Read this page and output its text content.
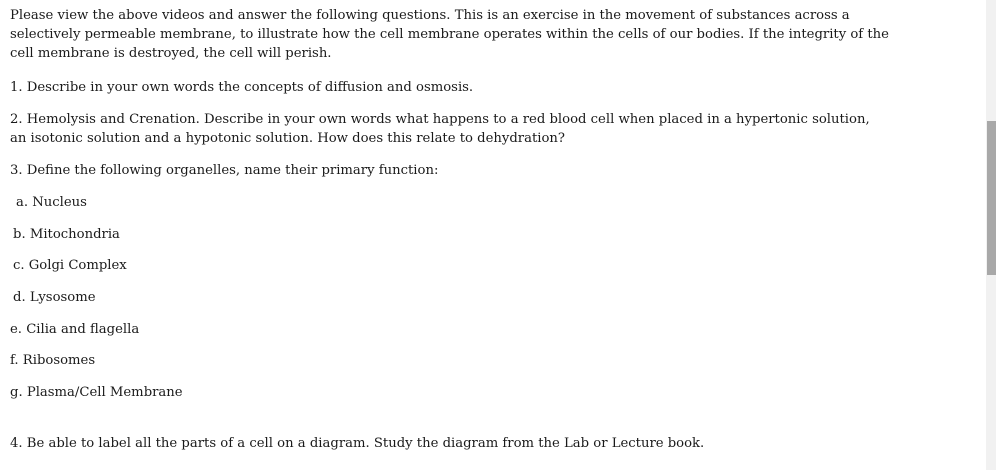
Please view the above videos and answer the following questions. This is an exercise in the movement of substances across a selectively permeable membrane, to illustrate how the cell membrane operates within the cells of our bodies. If the integrity of the cell membrane is destroyed, the cell will perish.

1. Describe in your own words the concepts of diffusion and osmosis.

2. Hemolysis and Crenation. Describe in your own words what happens to a red blood cell when placed in a hypertonic solution, an isotonic solution and a hypotonic solution. How does this relate to dehydration?

3. Define the following organelles, name their primary function:

a. Nucleus

b. Mitochondria

c. Golgi Complex

d. Lysosome

e. Cilia and flagella

f. Ribosomes

g. Plasma/Cell Membrane

4. Be able to label all the parts of a cell on a diagram. Study the diagram from the Lab or Lecture book.
